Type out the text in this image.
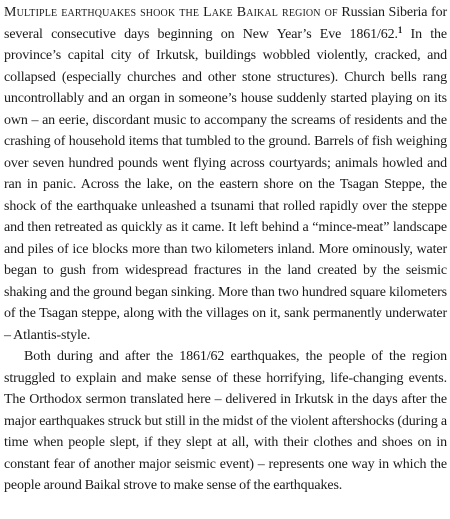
Multiple earthquakes shook the Lake Baikal region of Russian Siberia for several consecutive days beginning on New Year’s Eve 1861/62.$^1$ In the province’s capital city of Irkutsk, buildings wobbled violently, cracked, and collapsed (especially churches and other stone structures). Church bells rang uncontrollably and an organ in someone’s house suddenly started playing on its own – an eerie, discordant music to accompany the screams of residents and the crashing of household items that tumbled to the ground. Barrels of fish weighing over seven hundred pounds went flying across courtyards; animals howled and ran in panic. Across the lake, on the eastern shore on the Tsagan Steppe, the shock of the earthquake unleashed a tsunami that rolled rapidly over the steppe and then retreated as quickly as it came. It left behind a “mince-meat” landscape and piles of ice blocks more than two kilometers inland. More ominously, water began to gush from widespread fractures in the land created by the seismic shaking and the ground began sinking. More than two hundred square kilometers of the Tsagan steppe, along with the villages on it, sank permanently underwater – Atlantis-style.

Both during and after the 1861/62 earthquakes, the people of the region struggled to explain and make sense of these horrifying, life-changing events. The Orthodox sermon translated here – delivered in Irkutsk in the days after the major earthquakes struck but still in the midst of the violent aftershocks (during a time when people slept, if they slept at all, with their clothes and shoes on in constant fear of another major seismic event) – represents one way in which the people around Baikal strove to make sense of the earthquakes.
